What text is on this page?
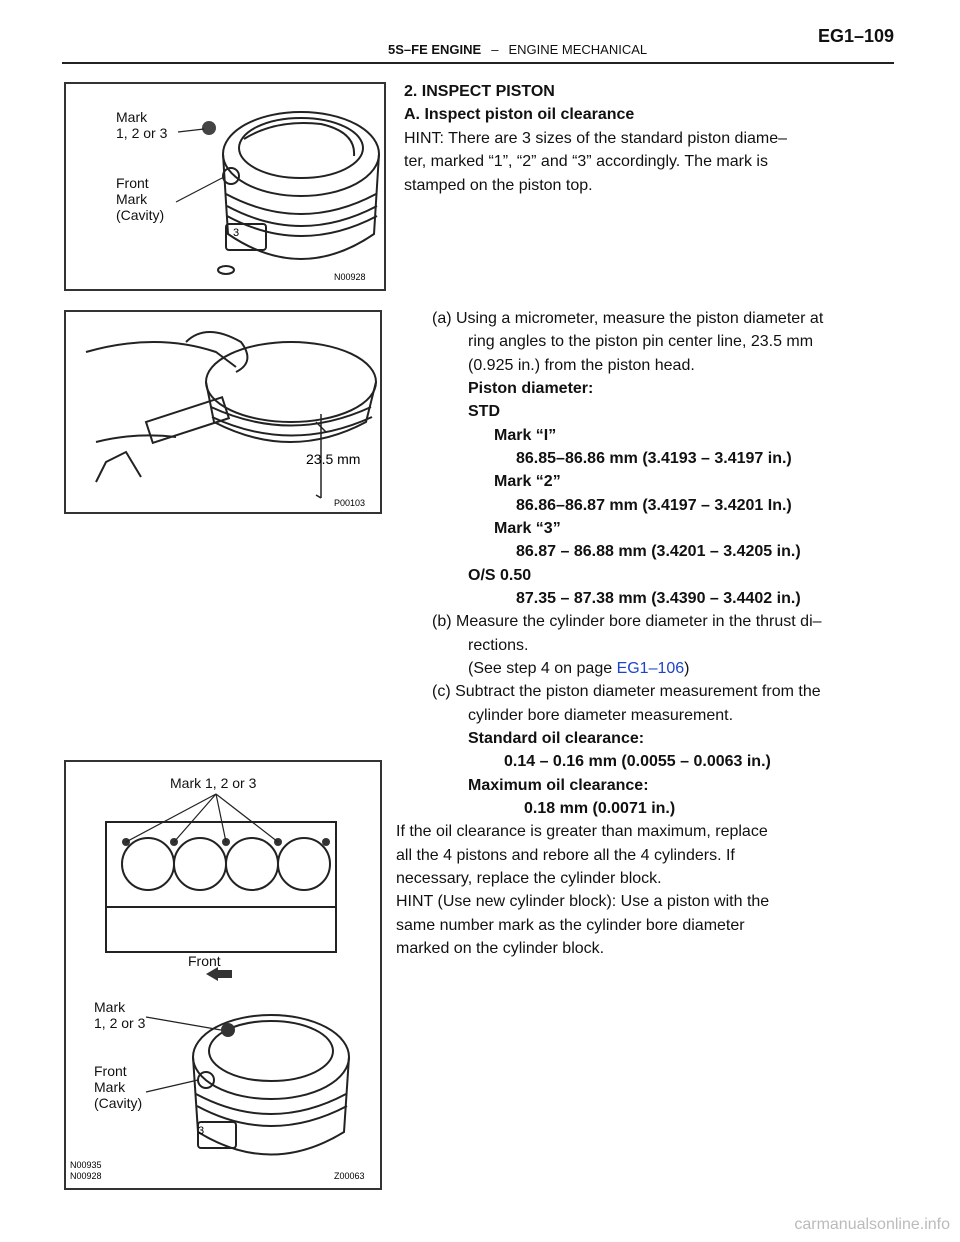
5S–FE ENGINE – ENGINE MECHANICAL
EG1–109
3
Mark
1, 2 or 3
Front
Mark
(Cavity)
N00928
23.5 mm
P00103
3
Mark 1, 2 or 3
Front
Mark
1, 2 or 3
Front
Mark
(Cavity)
N00935
N00928	Z00063
2. INSPECT PISTON
A. Inspect piston oil clearance
HINT: There are 3 sizes of the standard piston diame–
ter, marked “1”, “2” and “3” accordingly. The mark is
stamped on the piston top.
(a) Using a micrometer, measure the piston diameter at
ring angles to the piston pin center line, 23.5 mm
(0.925 in.) from the piston head.
Piston diameter:
STD
Mark “I”
86.85–86.86 mm (3.4193 – 3.4197 in.)
Mark “2”
86.86–86.87 mm (3.4197 – 3.4201 In.)
Mark “3”
86.87 – 86.88 mm (3.4201 – 3.4205 in.)
O/S 0.50
87.35 – 87.38 mm (3.4390 – 3.4402 in.)
(b) Measure the cylinder bore diameter in the thrust di–
rections.
(See step 4 on page EG1–106)
(c) Subtract the piston diameter measurement from the
cylinder bore diameter measurement.
Standard oil clearance:
0.14 – 0.16 mm (0.0055 – 0.0063 in.)
Maximum oil clearance:
0.18 mm (0.0071 in.)
If the oil clearance is greater than maximum, replace
all the 4 pistons and rebore all the 4 cylinders. If
necessary, replace the cylinder block.
HINT (Use new cylinder block): Use a piston with the
same number mark as the cylinder bore diameter
marked on the cylinder block.
carmanualsonline.info
